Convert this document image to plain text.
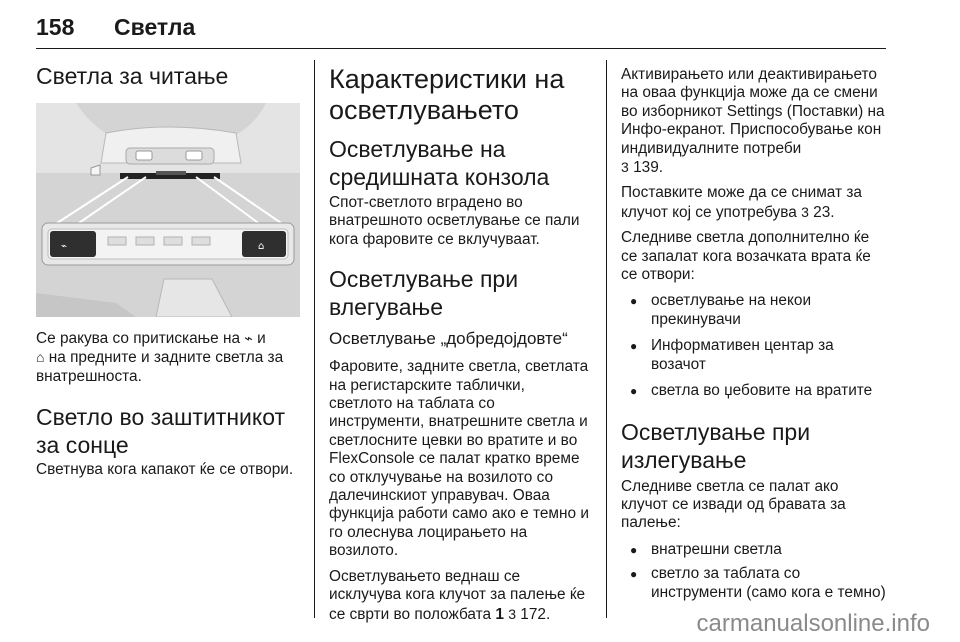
158 Светла
Светла за читање
⌁	⌂

Се ракува со притискање на ⌁ и
⌂ на предните и задните светла за внатрешноста.

Светло во заштитникот за сонце

Светнува кога капакот ќе се отвори.

Карактеристики на осветлувањето
Осветлување на средишната конзола

Спот-светлото вградено во внатрешното осветлување се пали кога фаровите се вклучуваат.

Осветлување при влегување
Осветлување „добредојдовте“

Фаровите, задните светла, светлата на регистарските таблички, светлото на таблата со инструменти, внатрешните светла и светлосните цевки во вратите и во FlexConsole се палат кратко време со отклучување на возилото со далечинскиот управувач. Оваа функција работи само ако е темно и го олеснува лоцирањето на возилото.

Осветлувањето веднаш се исклучува кога клучот за палење ќе се сврти во положбата 1 3 172.

Активирањето или деактивирањето на оваа функција може да се смени во изборникот Settings (Поставки) на Инфо-екранот. Приспособување кон индивидуалните потреби
3 139.

Поставките може да се снимат за клучот кој се употребува 3 23.

Следниве светла дополнително ќе се запалат кога возачката врата ќе се отвори:

● осветлување на некои прекинувачи
● Информативен центар за возачот
● светла во џебовите на вратите
Осветлување при излегување

Следниве светла се палат ако клучот се извади од бравата за палење:

● внатрешни светла
● светло за таблата со инструменти (само кога е темно)
carmanualsonline.info
